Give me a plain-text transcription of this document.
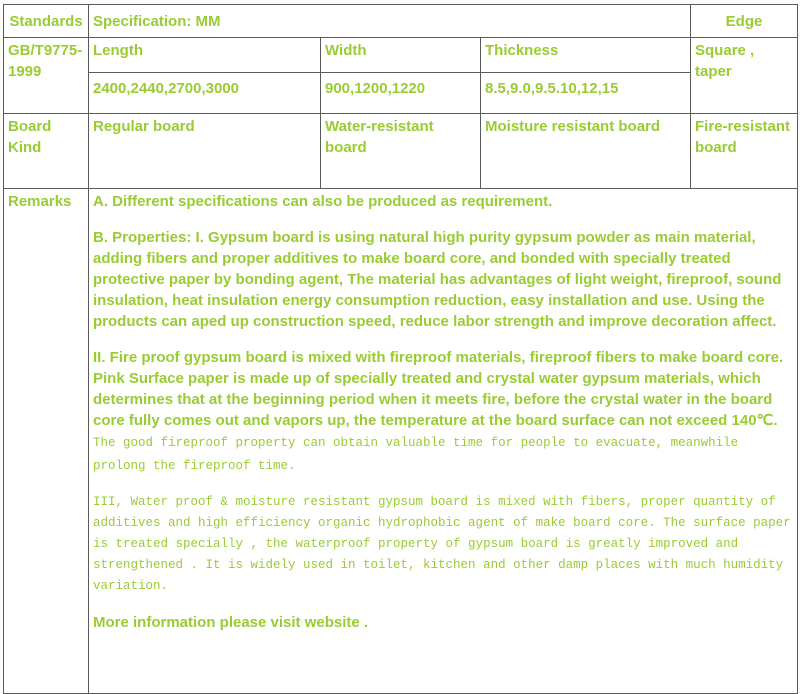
Standards	Specification: MM			Edge
GB/T9775-1999	Length	Width	Thickness	Square , taper
	2400,2440,2700,3000	900,1200,1220	8.5,9.0,9.5.10,12,15	
Board Kind	Regular board	Water-resistant board	Moisture resistant board	Fire-resistant board
Remarks	A. Different specifications can also be produced as requirement.

B. Properties: I. Gypsum board is using natural high purity gypsum powder as main material, adding fibers and proper additives to make board core, and bonded with specially treated protective paper by bonding agent, The material has advantages of light weight, fireproof, sound insulation, heat insulation energy consumption reduction, easy installation and use. Using the products can aped up construction speed, reduce labor strength and improve decoration affect.

II. Fire proof gypsum board is mixed with fireproof materials, fireproof fibers to make board core. Pink Surface paper is made up of specially treated and crystal water gypsum materials, which determines that at the beginning period when it meets fire, before the crystal water in the board core fully comes out and vapors up, the temperature at the board surface can not exceed 140℃. The good fireproof property can obtain valuable time for people to evacuate, meanwhile prolong the fireproof time.

III, Water proof & moisture resistant gypsum board is mixed with fibers, proper quantity of additives and high efficiency organic hydrophobic agent of make board core. The surface paper is treated specially , the waterproof property of gypsum board is greatly improved and strengthened . It is widely used in toilet, kitchen and other damp places with much humidity variation.

More information please visit website .			
